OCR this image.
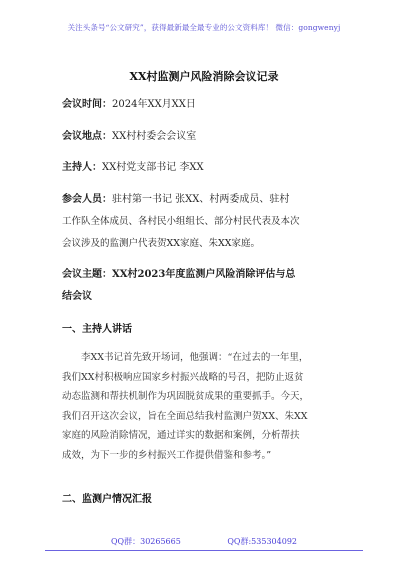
关注头条号“公文研究”，获得最新最全最专业的公文资料库！ 微信：gongwenyj
XX村监测户风险消除会议记录
会议时间：2024年XX月XX日
会议地点：XX村村委会会议室
主持人：XX村党支部书记 李XX
参会人员：驻村第一书记 张XX、村两委成员、驻村
工作队全体成员、各村民小组组长、部分村民代表及本次
会议涉及的监测户代表贺XX家庭、朱XX家庭。
会议主题：XX村2023年度监测户风险消除评估与总
结会议
一、主持人讲话
李XX书记首先致开场词，他强调：“在过去的一年里，
我们XX村积极响应国家乡村振兴战略的号召，把防止返贫
动态监测和帮扶机制作为巩固脱贫成果的重要抓手。今天，
我们召开这次会议，旨在全面总结我村监测户贺XX、朱XX
家庭的风险消除情况，通过详实的数据和案例，分析帮扶
成效，为下一步的乡村振兴工作提供借鉴和参考。”
二、监测户情况汇报
QQ群：30265665	QQ群:535304092
